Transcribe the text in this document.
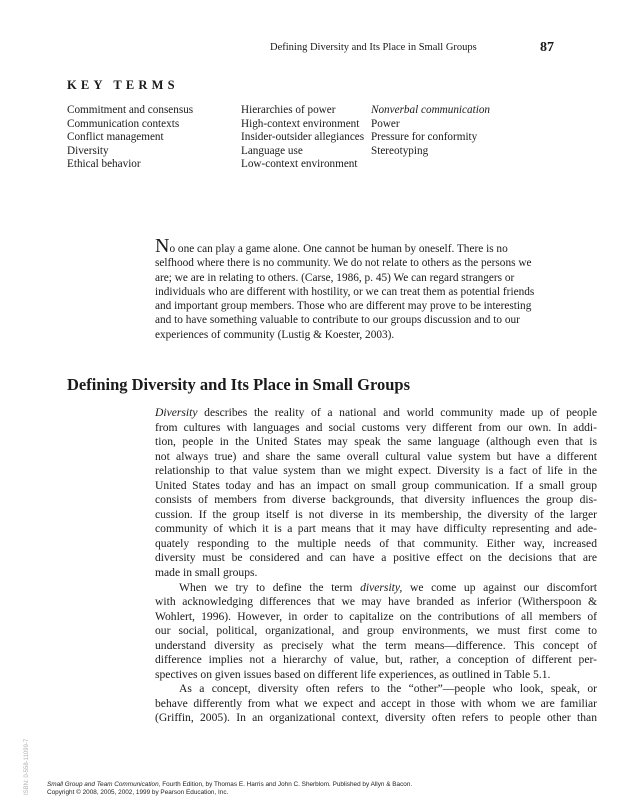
Defining Diversity and Its Place in Small Groups	87
KEY TERMS
Commitment and consensus
Communication contexts
Conflict management
Diversity
Ethical behavior
Hierarchies of power
High-context environment
Insider-outsider allegiances
Language use
Low-context environment
Nonverbal communication
Power
Pressure for conformity
Stereotyping
No one can play a game alone. One cannot be human by oneself. There is no
selfhood where there is no community. We do not relate to others as the persons we
are; we are in relating to others. (Carse, 1986, p. 45) We can regard strangers or
individuals who are different with hostility, or we can treat them as potential friends
and important group members. Those who are different may prove to be interesting
and to have something valuable to contribute to our groups discussion and to our
experiences of community (Lustig & Koester, 2003).
Defining Diversity and Its Place in Small Groups
Diversity describes the reality of a national and world community made up of people
from cultures with languages and social customs very different from our own. In addi-
tion, people in the United States may speak the same language (although even that is
not always true) and share the same overall cultural value system but have a different
relationship to that value system than we might expect. Diversity is a fact of life in the
United States today and has an impact on small group communication. If a small group
consists of members from diverse backgrounds, that diversity influences the group dis-
cussion. If the group itself is not diverse in its membership, the diversity of the larger
community of which it is a part means that it may have difficulty representing and ade-
quately responding to the multiple needs of that community. Either way, increased
diversity must be considered and can have a positive effect on the decisions that are
made in small groups.
When we try to define the term diversity, we come up against our discomfort
with acknowledging differences that we may have branded as inferior (Witherspoon &
Wohlert, 1996). However, in order to capitalize on the contributions of all members of
our social, political, organizational, and group environments, we must first come to
understand diversity as precisely what the term means—difference. This concept of
difference implies not a hierarchy of value, but, rather, a conception of different per-
spectives on given issues based on different life experiences, as outlined in Table 5.1.
As a concept, diversity often refers to the “other”—people who look, speak, or
behave differently from what we expect and accept in those with whom we are familiar
(Griffin, 2005). In an organizational context, diversity often refers to people other than
ISBN: 0-558-11099-7	Small Group and Team Communication, Fourth Edition, by Thomas E. Harris and John C. Sherblom. Published by Allyn & Bacon.
Copyright © 2008, 2005, 2002, 1999 by Pearson Education, Inc.
